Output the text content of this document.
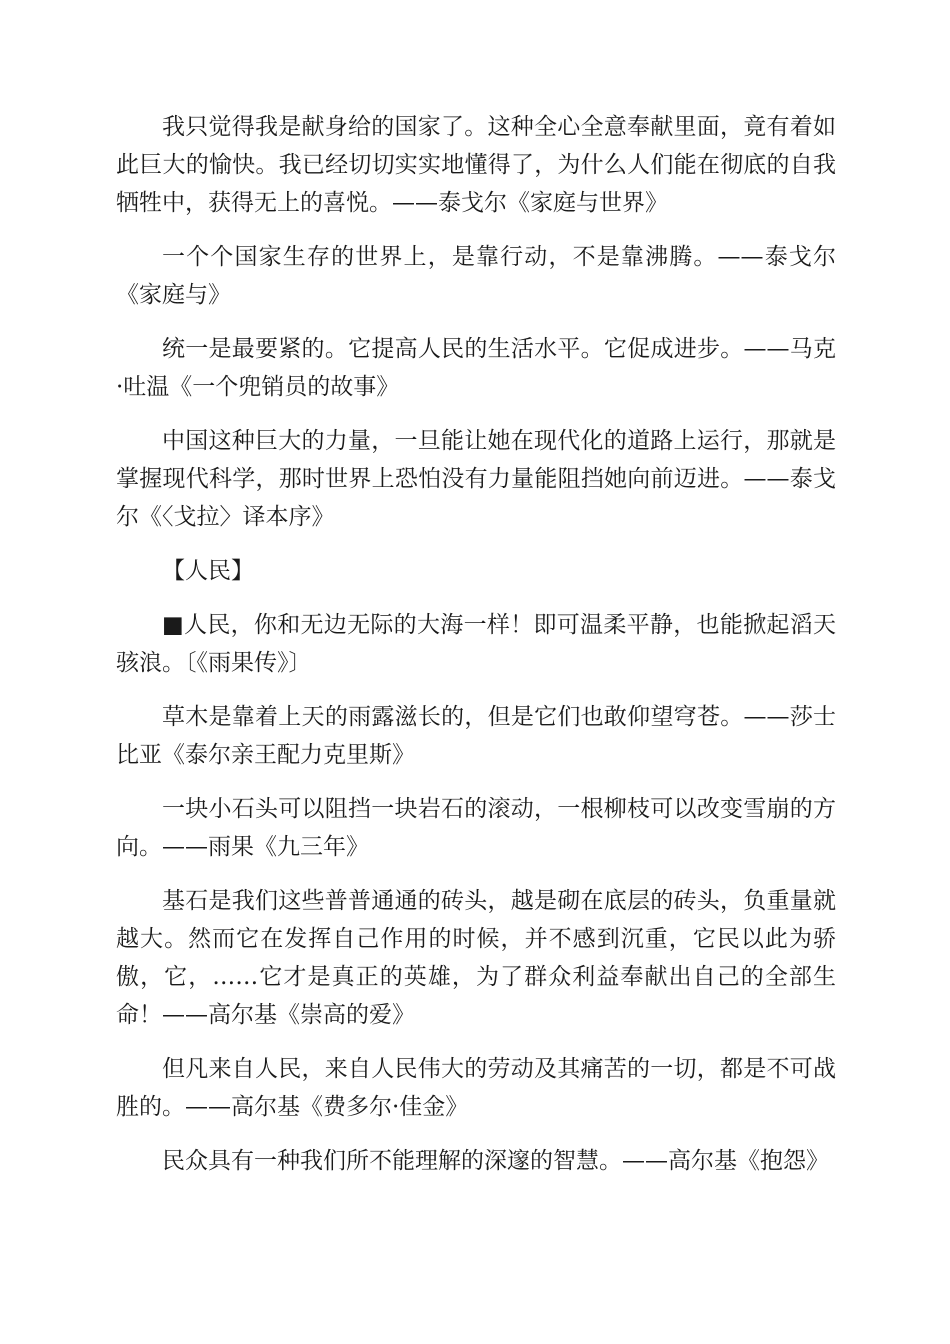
我只觉得我是献身给的国家了。这种全心全意奉献里面，竟有着如此巨大的愉快。我已经切切实实地懂得了，为什么人们能在彻底的自我牺牲中，获得无上的喜悦。——泰戈尔《家庭与世界》

一个个国家生存的世界上，是靠行动，不是靠沸腾。——泰戈尔《家庭与》

统一是最要紧的。它提高人民的生活水平。它促成进步。——马克·吐温《一个兜销员的故事》

中国这种巨大的力量，一旦能让她在现代化的道路上运行，那就是掌握现代科学，那时世界上恐怕没有力量能阻挡她向前迈进。——泰戈尔《〈戈拉〉译本序》

【人民】

■人民，你和无边无际的大海一样！即可温柔平静，也能掀起滔天骇浪。〔《雨果传》〕

草木是靠着上天的雨露滋长的，但是它们也敢仰望穹苍。——莎士比亚《泰尔亲王配力克里斯》

一块小石头可以阻挡一块岩石的滚动，一根柳枝可以改变雪崩的方向。——雨果《九三年》

基石是我们这些普普通通的砖头，越是砌在底层的砖头，负重量就越大。然而它在发挥自己作用的时候，并不感到沉重，它民以此为骄傲，它，……它才是真正的英雄，为了群众利益奉献出自己的全部生命！——高尔基《崇高的爱》

但凡来自人民，来自人民伟大的劳动及其痛苦的一切，都是不可战胜的。——高尔基《费多尔·佳金》

民众具有一种我们所不能理解的深邃的智慧。——高尔基《抱怨》
